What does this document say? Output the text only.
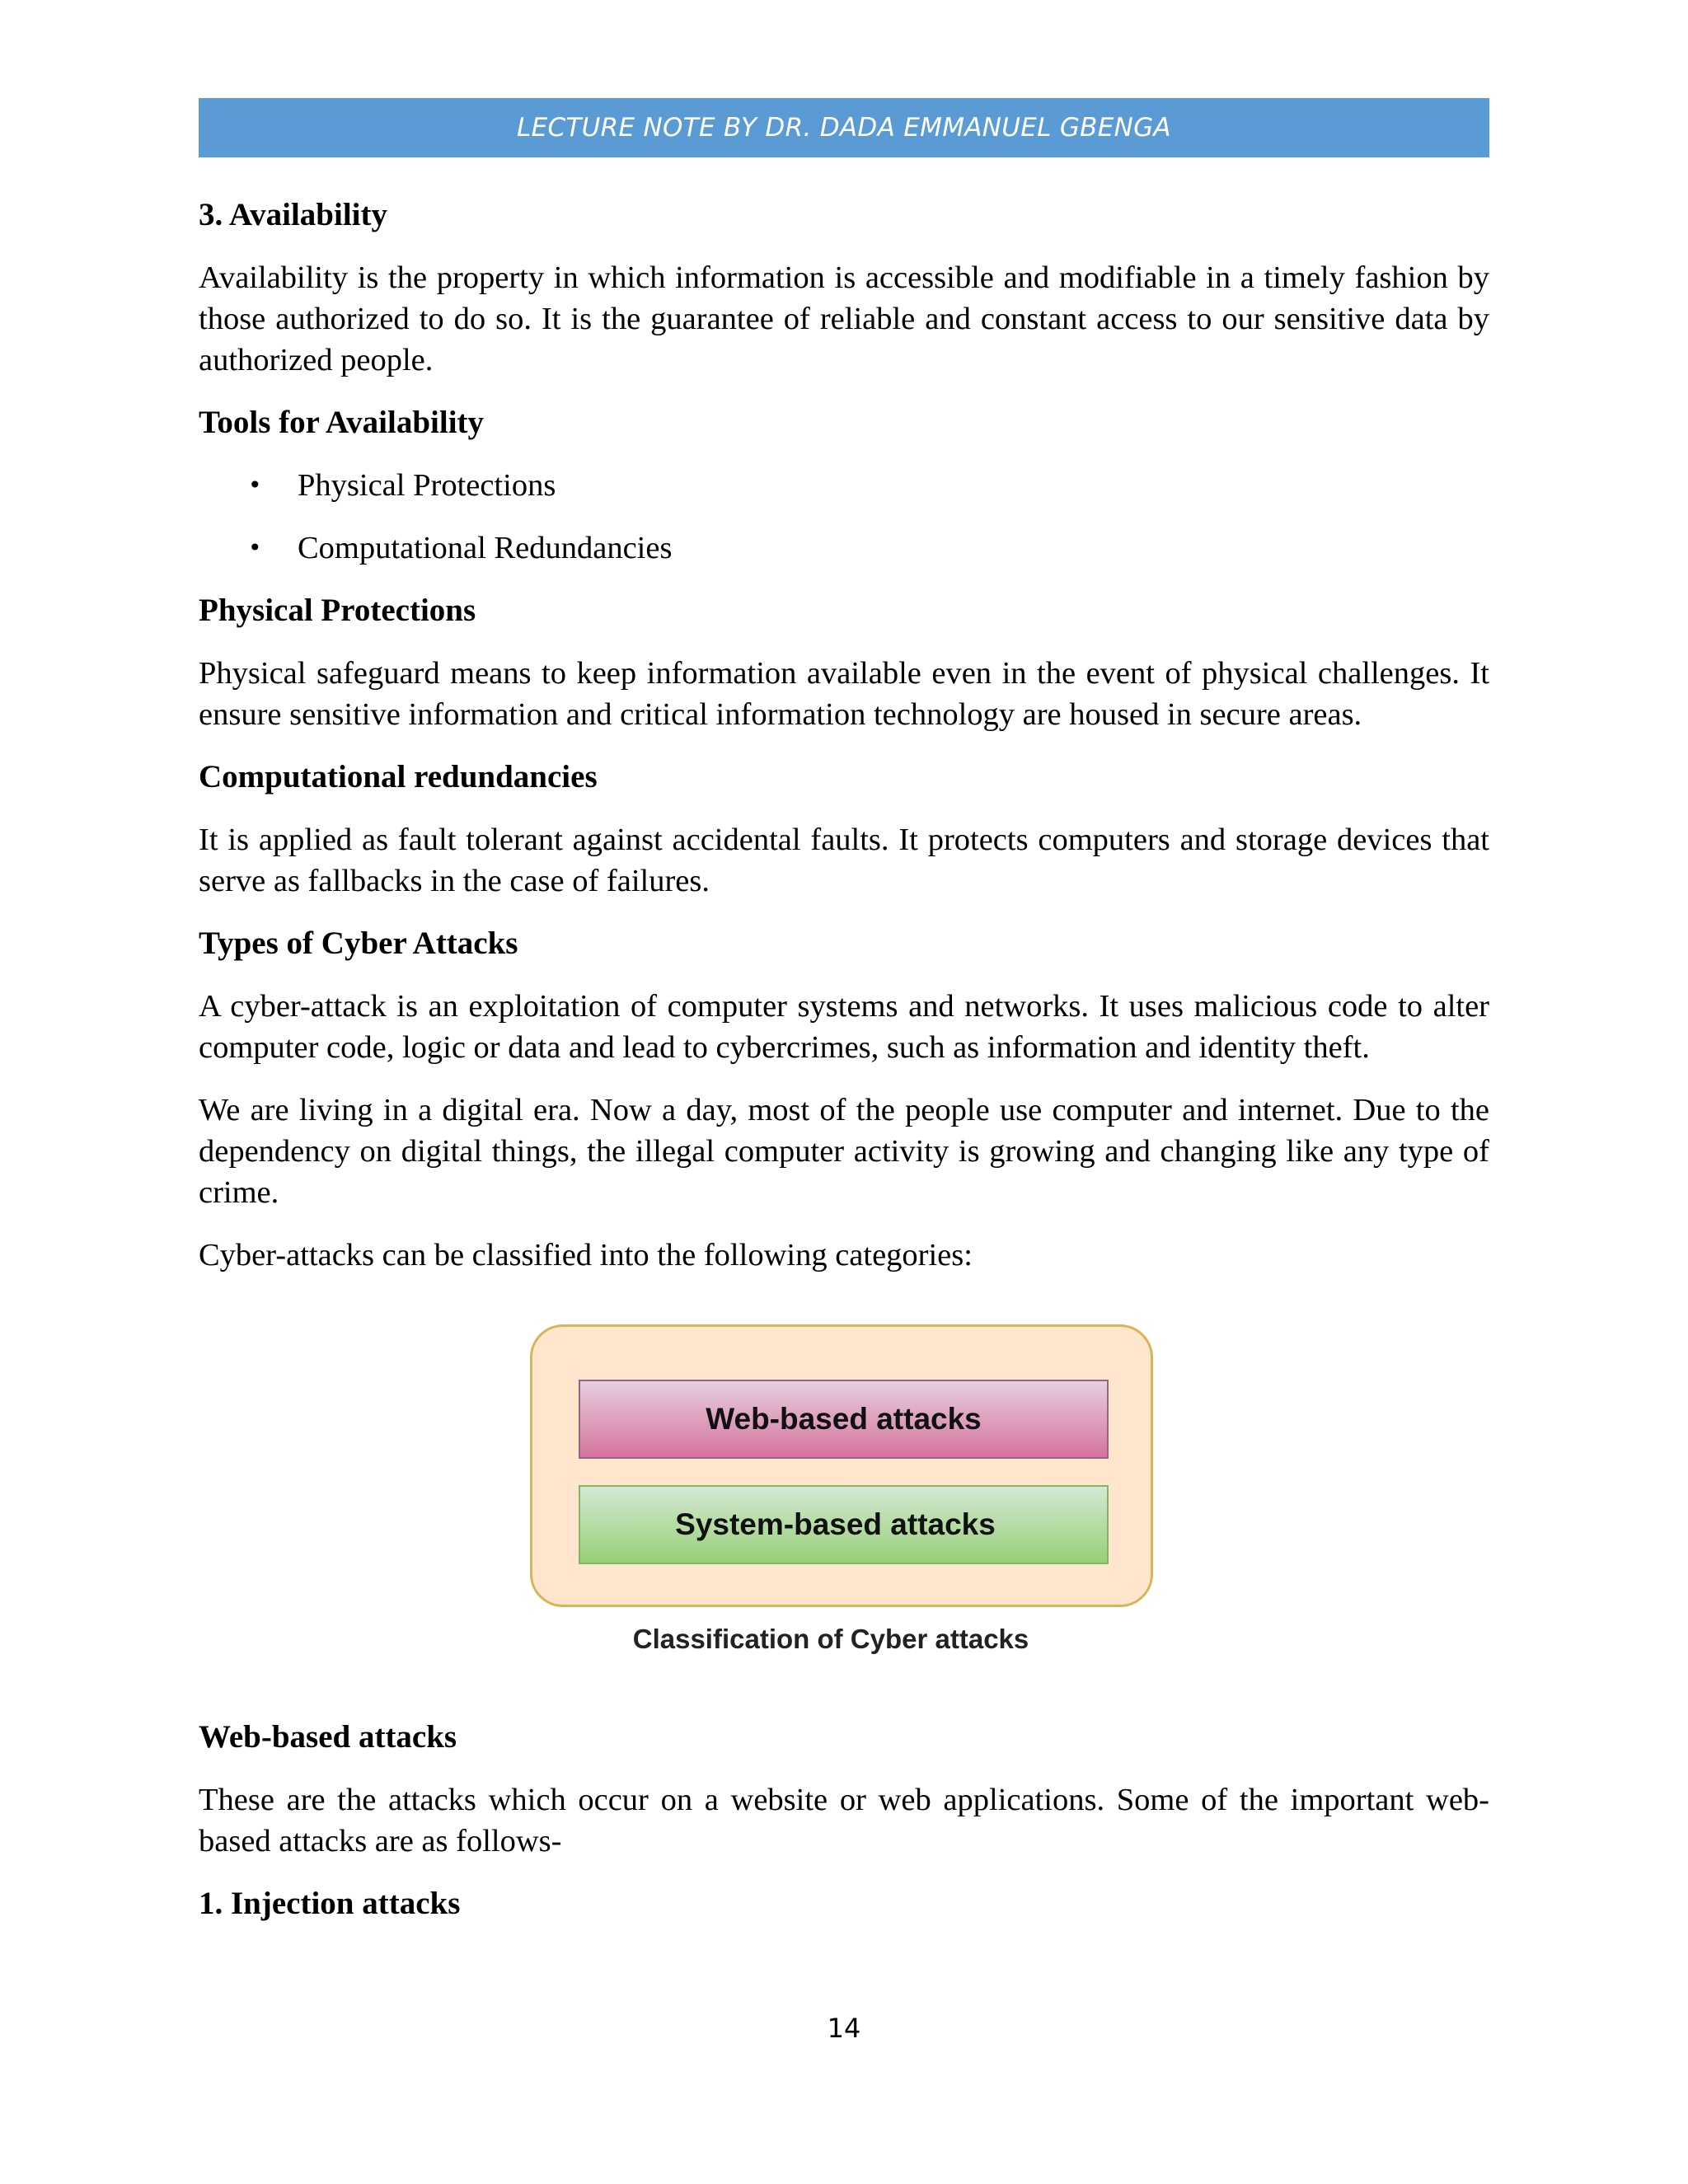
LECTURE NOTE BY DR. DADA EMMANUEL GBENGA
3. Availability

Availability is the property in which information is accessible and modifiable in a timely fashion by those authorized to do so. It is the guarantee of reliable and constant access to our sensitive data by authorized people.

Tools for Availability
• Physical Protections
• Computational Redundancies
Physical Protections

Physical safeguard means to keep information available even in the event of physical challenges. It ensure sensitive information and critical information technology are housed in secure areas.

Computational redundancies

It is applied as fault tolerant against accidental faults. It protects computers and storage devices that serve as fallbacks in the case of failures.

Types of Cyber Attacks

A cyber-attack is an exploitation of computer systems and networks. It uses malicious code to alter computer code, logic or data and lead to cybercrimes, such as information and identity theft.

We are living in a digital era. Now a day, most of the people use computer and internet. Due to the dependency on digital things, the illegal computer activity is growing and changing like any type of crime.

Cyber-attacks can be classified into the following categories:

Web-based attacks
System-based attacks
Classification of Cyber attacks
Web-based attacks

These are the attacks which occur on a website or web applications. Some of the important web-based attacks are as follows-

1. Injection attacks
14
